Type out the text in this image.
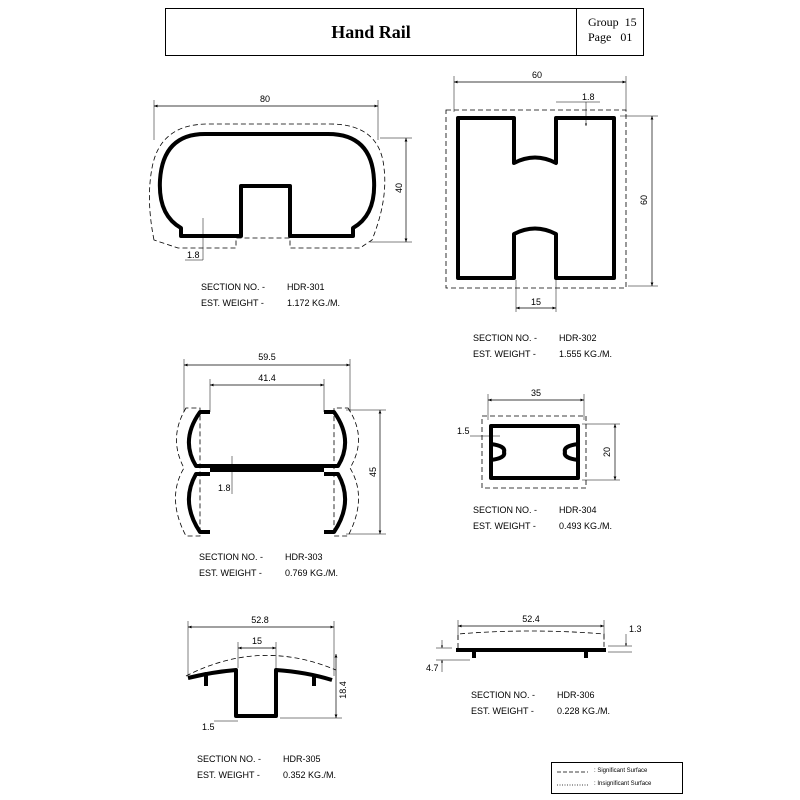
Hand Rail	Group 15
Page 01
80
40
1.8
60
60
1.8
15
59.5
41.4
45
1.8
35
20
1.5
52.8
15
18.4
1.5
52.4
1.3
4.7
SECTION NO. - HDR-301
EST. WEIGHT -	1.172 KG./M.
SECTION NO. - HDR-302
EST. WEIGHT -	1.555 KG./M.
SECTION NO. - HDR-303
EST. WEIGHT -	0.769 KG./M.
SECTION NO. - HDR-304
EST. WEIGHT -	0.493 KG./M.
SECTION NO. - HDR-305
EST. WEIGHT -	0.352 KG./M.
SECTION NO. - HDR-306
EST. WEIGHT -	0.228 KG./M.
: Significant Surface
: Insignificant Surface
